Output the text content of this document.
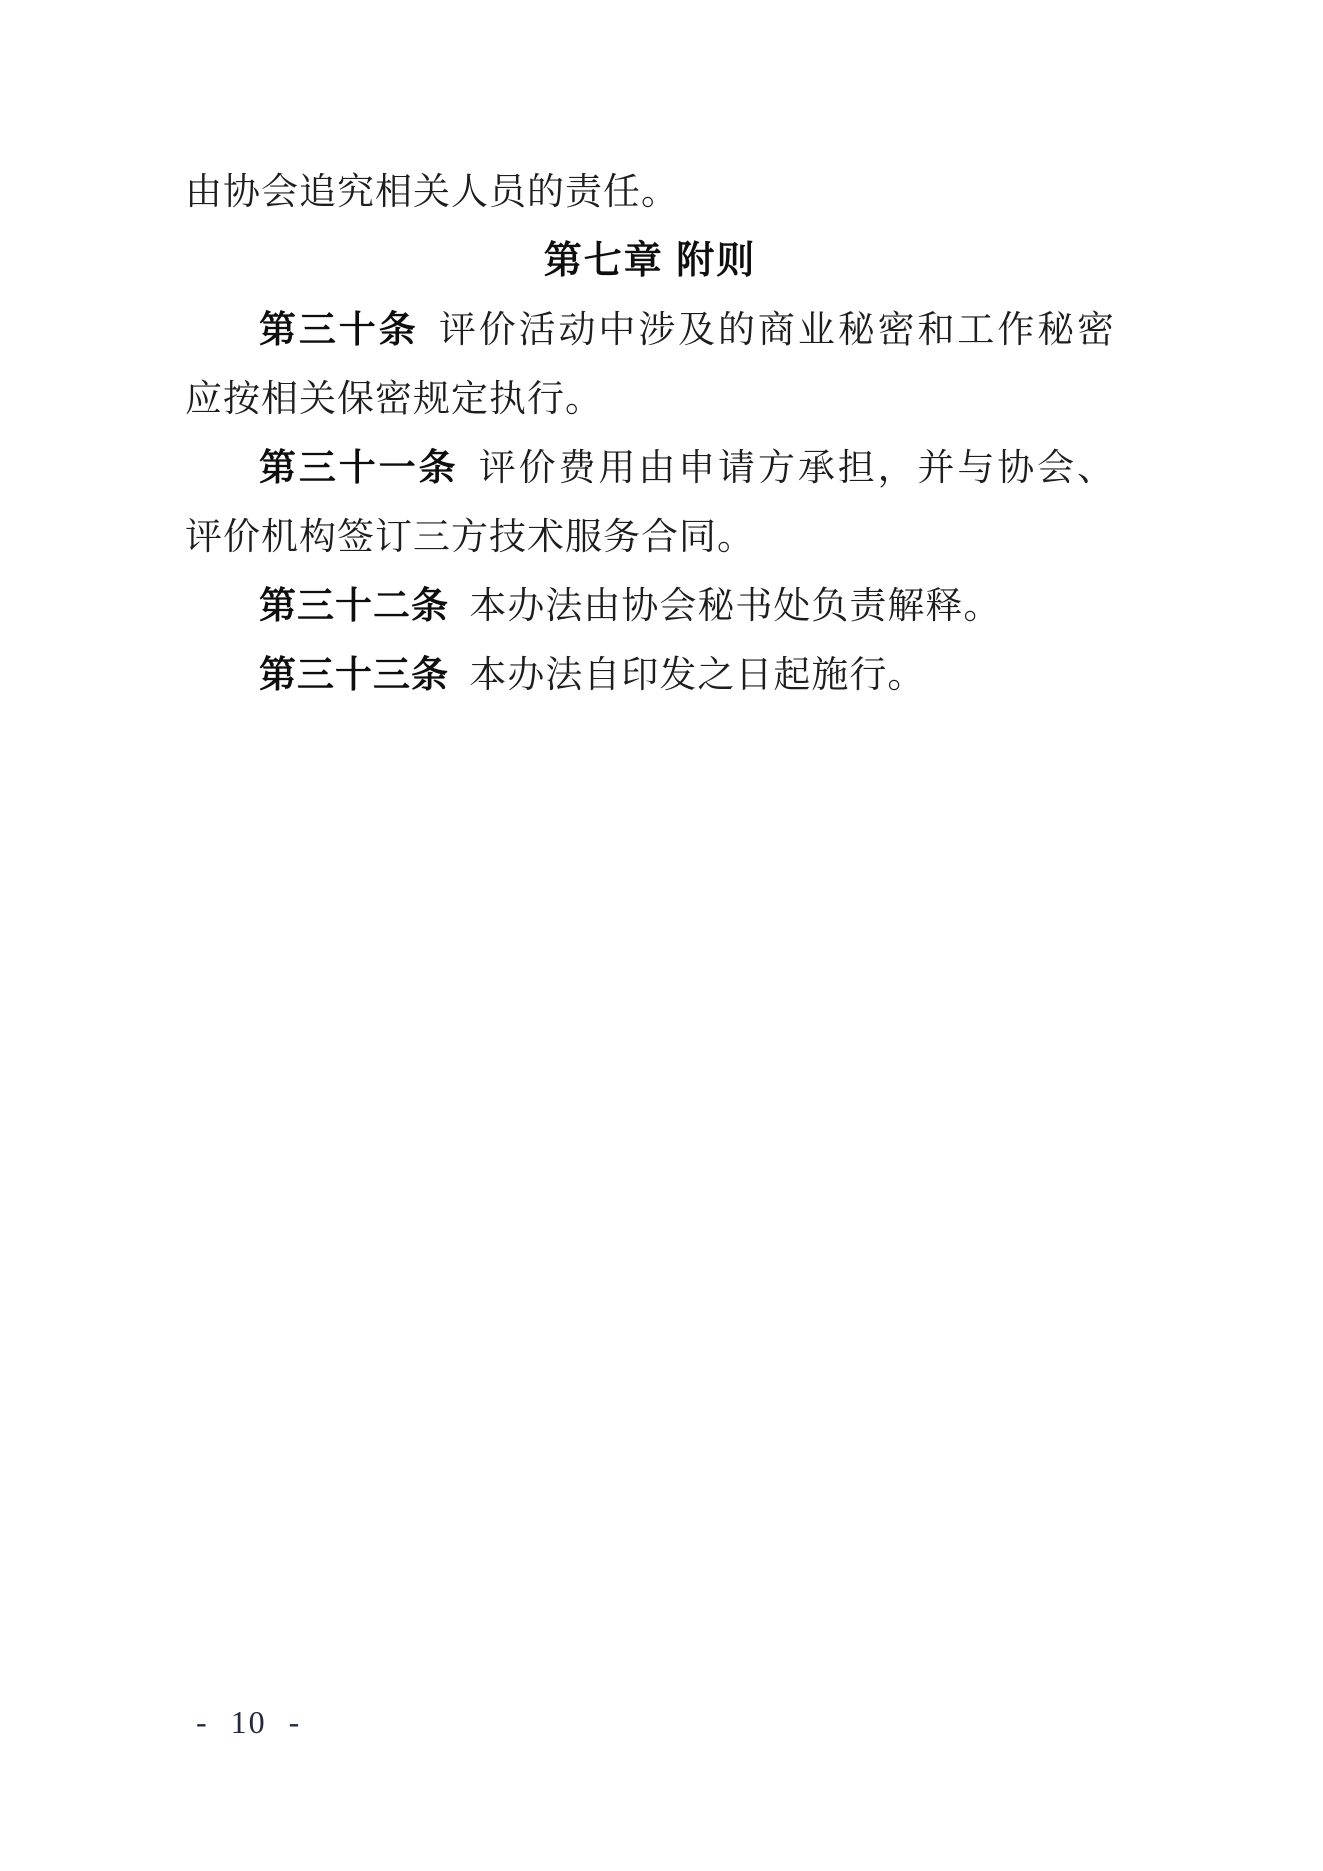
由协会追究相关人员的责任。

第七章 附则

第三十条 评价活动中涉及的商业秘密和工作秘密应按相关保密规定执行。

第三十一条 评价费用由申请方承担，并与协会、评价机构签订三方技术服务合同。

第三十二条 本办法由协会秘书处负责解释。

第三十三条 本办法自印发之日起施行。

- 10 -
